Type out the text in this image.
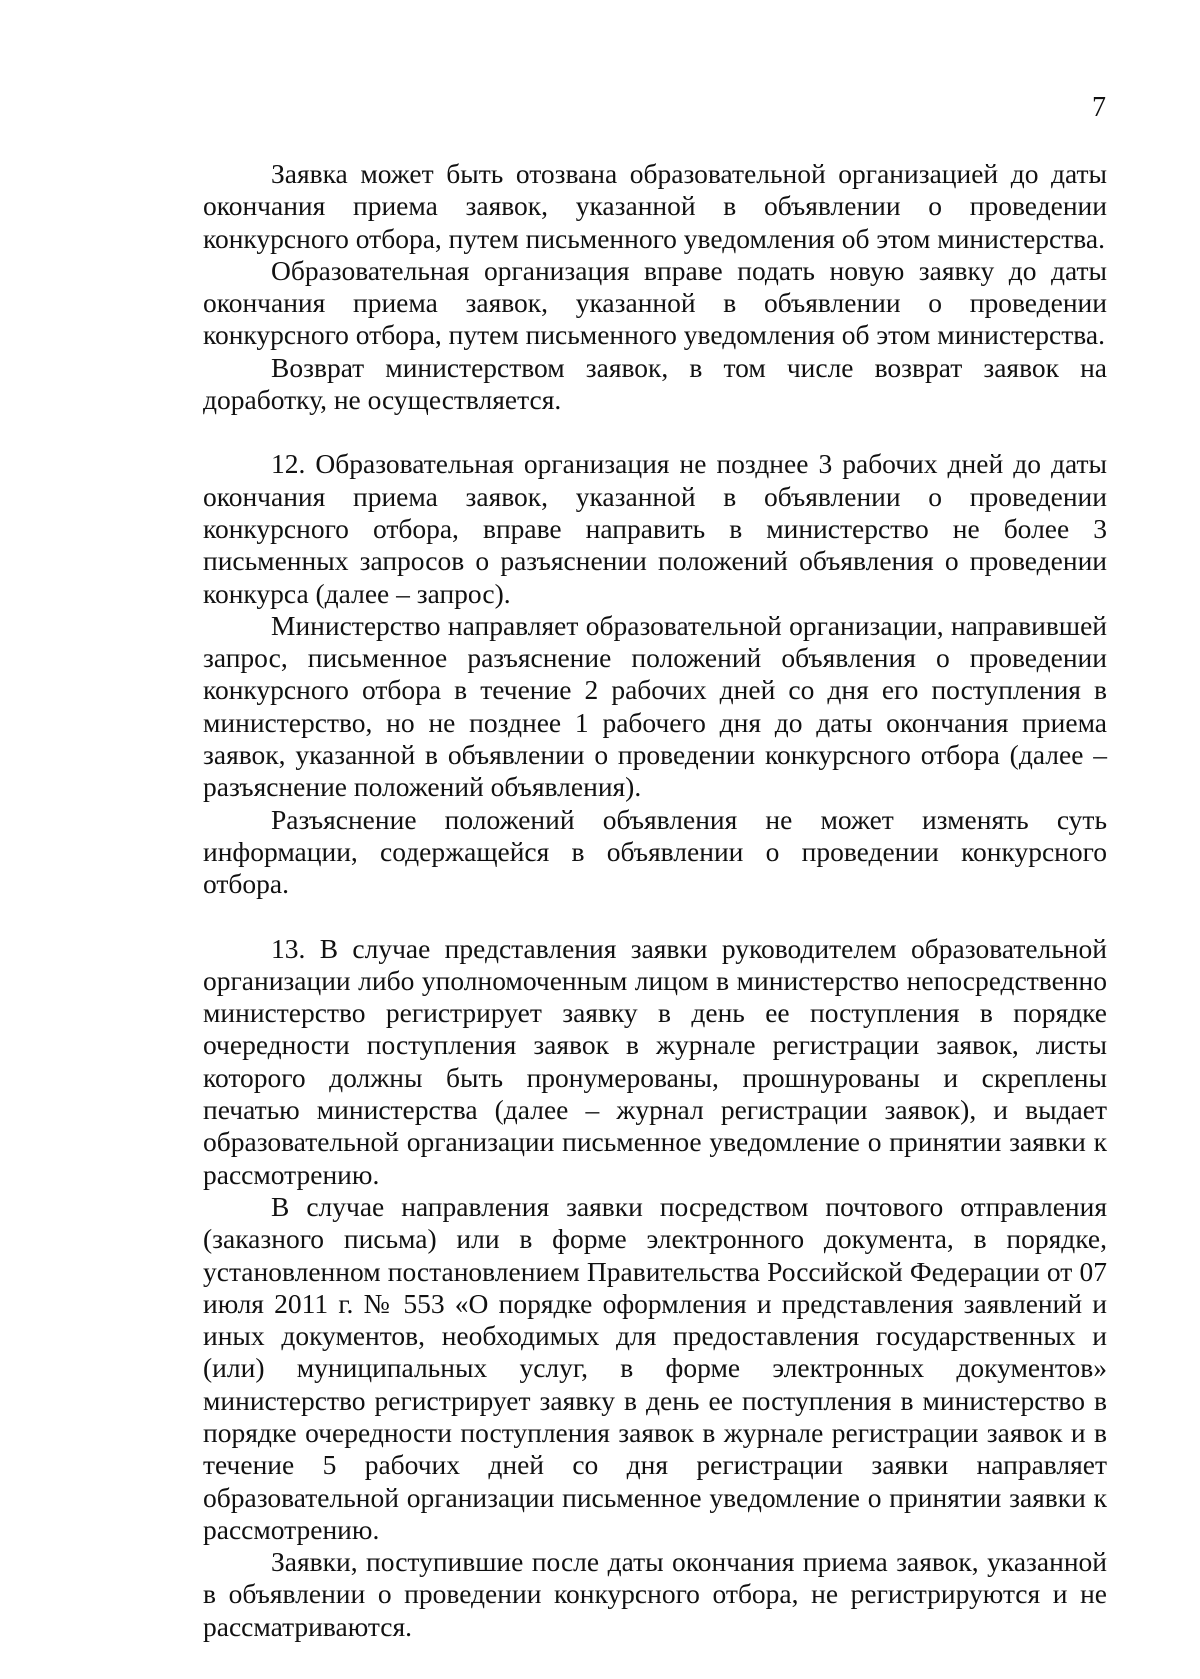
7

Заявка может быть отозвана образовательной организацией до даты окончания приема заявок, указанной в объявлении о проведении конкурсного отбора, путем письменного уведомления об этом министерства.

Образовательная организация вправе подать новую заявку до даты окончания приема заявок, указанной в объявлении о проведении конкурсного отбора, путем письменного уведомления об этом министерства.

Возврат министерством заявок, в том числе возврат заявок на доработку, не осуществляется.

12. Образовательная организация не позднее 3 рабочих дней до даты окончания приема заявок, указанной в объявлении о проведении конкурсного отбора, вправе направить в министерство не более 3 письменных запросов о разъяснении положений объявления о проведении конкурса (далее – запрос).

Министерство направляет образовательной организации, направившей запрос, письменное разъяснение положений объявления о проведении конкурсного отбора в течение 2 рабочих дней со дня его поступления в министерство, но не позднее 1 рабочего дня до даты окончания приема заявок, указанной в объявлении о проведении конкурсного отбора (далее – разъяснение положений объявления).

Разъяснение положений объявления не может изменять суть информации, содержащейся в объявлении о проведении конкурсного отбора.

13. В случае представления заявки руководителем образовательной организации либо уполномоченным лицом в министерство непосредственно министерство регистрирует заявку в день ее поступления в порядке очередности поступления заявок в журнале регистрации заявок, листы которого должны быть пронумерованы, прошнурованы и скреплены печатью министерства (далее – журнал регистрации заявок), и выдает образовательной организации письменное уведомление о принятии заявки к рассмотрению.

В случае направления заявки посредством почтового отправления (заказного письма) или в форме электронного документа, в порядке, установленном постановлением Правительства Российской Федерации от 07 июля 2011 г. № 553 «О порядке оформления и представления заявлений и иных документов, необходимых для предоставления государственных и (или) муниципальных услуг, в форме электронных документов» министерство регистрирует заявку в день ее поступления в министерство в порядке очередности поступления заявок в журнале регистрации заявок и в течение 5 рабочих дней со дня регистрации заявки направляет образовательной организации письменное уведомление о принятии заявки к рассмотрению.

Заявки, поступившие после даты окончания приема заявок, указанной в объявлении о проведении конкурсного отбора, не регистрируются и не рассматриваются.
